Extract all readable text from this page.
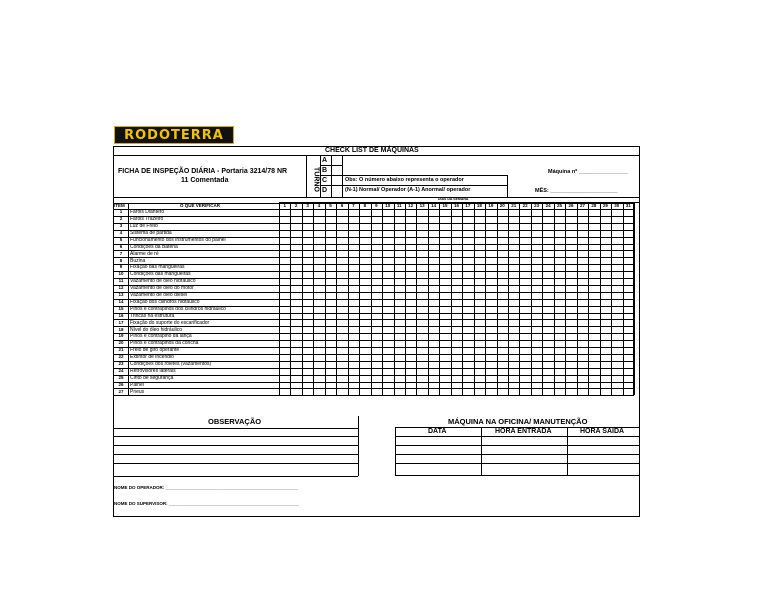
RODOTERRA
CHECK LIST DE MÁQUINAS
FICHA DE INSPEÇÃO DIÁRIA - Portaria 3214/78 NR
11 Comentada	TURNO
A
B
C
D
Obs: O número abaixo representa o operador
(N-1) Normal/ Operador (A-1) Anormal/ operador
Máquina nº ________________
MÊS: ______________________
DIAS DA SEMANA
ITEM	O QUE VERIFICAR	1	2	3	4	5	6	7	8	9	10	11	12	13	14	15	16	17	18	19	20	21	22	23	24	25	26	27	28	29	30	31
1	Farois Diantero
2	Farois Trazeiro
3	Luz de Freio
4	Sistema de partida
5	Funcionamento dos instrumentos do painel
6	Condições da Bateria
7	Alarme de ré
8	Buzina
9	Fixação das mangueiras
10	Condições das mangueiras
11	Vazamento de óleo hidráulico
12	Vazamento de óleo do motor
13	Vazamento de óleo diesel
14	Fixação dos cilindros hidráulico
15	Pinos e contrapinos dos cilindros hidráulico
16	Trincas na estrutura
17	Fixação do suporte do escarificador
18	Nível do óleo hidráulico
19	Pinos e contrapino da lança
20	Pinos e contrapinos da concha
21	Freio de giro operante
22	Extintor de incêndio
23	Condições dos roletes (vazamentos)
24	Retrovisores laterais
25	Cinto de segurança
26	Painel
27	Pneus
OBSERVAÇÃO	MÁQUINA NA OFICINA/ MANUTENÇÃO
DATA	HORA ENTRADA	HORA SAIDA
NOME DO OPERADOR: _____________________________________________________
NOME DO SUPERVISOR: ____________________________________________________
